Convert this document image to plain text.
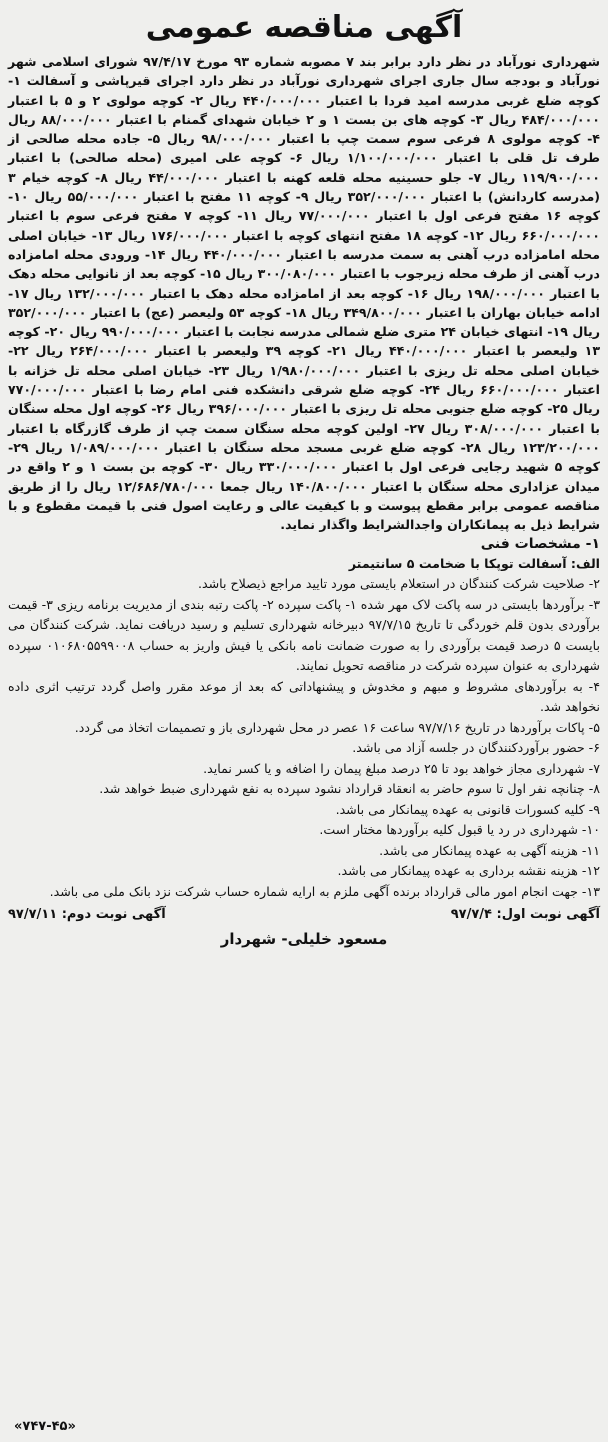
آگهی مناقصه عمومی

شهرداری نورآباد در نظر دارد برابر بند ۷ مصوبه شماره ۹۳ مورخ ۹۷/۴/۱۷ شورای اسلامی شهر نورآباد و بودجه سال جاری اجرای شهرداری نورآباد در نظر دارد اجرای قیرپاشی و آسفالت ۱- کوچه ضلع غربی مدرسه امید فردا با اعتبار ۴۴۰/۰۰۰/۰۰۰ ریال ۲- کوچه مولوی ۲ و ۵ با اعتبار ۴۸۴/۰۰۰/۰۰۰ ریال ۳- کوچه های بن بست ۱ و ۲ خیابان شهدای گمنام با اعتبار ۸۸/۰۰۰/۰۰۰ ریال ۴- کوچه مولوی ۸ فرعی سوم سمت چپ با اعتبار ۹۸/۰۰۰/۰۰۰ ریال ۵- جاده محله صالحی از طرف تل قلی با اعتبار ۱/۱۰۰/۰۰۰/۰۰۰ ریال ۶- کوچه علی امیری (محله صالحی) با اعتبار ۱۱۹/۹۰۰/۰۰۰ ریال ۷- جلو حسینیه محله قلعه کهنه با اعتبار ۴۴/۰۰۰/۰۰۰ ریال ۸- کوچه خیام ۳ (مدرسه کاردانش) با اعتبار ۳۵۲/۰۰۰/۰۰۰ ریال ۹- کوچه ۱۱ مفتح با اعتبار ۵۵/۰۰۰/۰۰۰ ریال ۱۰- کوچه ۱۶ مفتح فرعی اول با اعتبار ۷۷/۰۰۰/۰۰۰ ریال ۱۱- کوچه ۷ مفتح فرعی سوم با اعتبار ۶۶۰/۰۰۰/۰۰۰ ریال ۱۲- کوچه ۱۸ مفتح انتهای کوچه با اعتبار ۱۷۶/۰۰۰/۰۰۰ ریال ۱۳- خیابان اصلی محله امامزاده درب آهنی به سمت مدرسه با اعتبار ۴۴۰/۰۰۰/۰۰۰ ریال ۱۴- ورودی محله امامزاده درب آهنی از طرف محله زیرجوب با اعتبار ۳۰۰/۰۸۰/۰۰۰ ریال ۱۵- کوچه بعد از نانوایی محله دهک با اعتبار ۱۹۸/۰۰۰/۰۰۰ ریال ۱۶- کوچه بعد از امامزاده محله دهک با اعتبار ۱۳۲/۰۰۰/۰۰۰ ریال ۱۷- ادامه خیابان بهاران با اعتبار ۳۴۹/۸۰۰/۰۰۰ ریال ۱۸- کوچه ۵۳ ولیعصر (عج) با اعتبار ۳۵۲/۰۰۰/۰۰۰ ریال ۱۹- انتهای خیابان ۲۴ متری ضلع شمالی مدرسه نجابت با اعتبار ۹۹۰/۰۰۰/۰۰۰ ریال ۲۰- کوچه ۱۳ ولیعصر با اعتبار ۴۴۰/۰۰۰/۰۰۰ ریال ۲۱- کوچه ۳۹ ولیعصر با اعتبار ۲۶۴/۰۰۰/۰۰۰ ریال ۲۲- خیابان اصلی محله تل ریزی با اعتبار ۱/۹۸۰/۰۰۰/۰۰۰ ریال ۲۳- خیابان اصلی محله تل خزانه با اعتبار ۶۶۰/۰۰۰/۰۰۰ ریال ۲۴- کوچه ضلع شرقی دانشکده فنی امام رضا با اعتبار ۷۷۰/۰۰۰/۰۰۰ ریال ۲۵- کوچه ضلع جنوبی محله تل ریزی با اعتبار ۳۹۶/۰۰۰/۰۰۰ ریال ۲۶- کوچه اول محله سنگان با اعتبار ۳۰۸/۰۰۰/۰۰۰ ریال ۲۷- اولین کوچه محله سنگان سمت چپ از طرف گازرگاه با اعتبار ۱۲۳/۲۰۰/۰۰۰ ریال ۲۸- کوچه ضلع غربی مسجد محله سنگان با اعتبار ۱/۰۸۹/۰۰۰/۰۰۰ ریال ۲۹- کوچه ۵ شهید رجایی فرعی اول با اعتبار ۳۳۰/۰۰۰/۰۰۰ ریال ۳۰- کوچه بن بست ۱ و ۲ واقع در میدان عزاداری محله سنگان با اعتبار ۱۴۰/۸۰۰/۰۰۰ ریال جمعا ۱۲/۶۸۶/۷۸۰/۰۰۰ ریال را از طریق مناقصه عمومی برابر مقطع پیوست و با کیفیت عالی و رعایت اصول فنی با قیمت مقطوع و با شرایط ذیل به پیمانکاران واجدالشرایط واگذار نماید.

۱- مشخصات فنی

الف: آسفالت توپکا با ضخامت ۵ سانتیمتر

۲- صلاحیت شرکت کنندگان در استعلام بایستی مورد تایید مراجع ذیصلاح باشد.

۳- برآوردها بایستی در سه پاکت لاک مهر شده ۱- پاکت سپرده ۲- پاکت رتبه بندی از مدیریت برنامه ریزی ۳- قیمت برآوردی بدون قلم خوردگی تا تاریخ ۹۷/۷/۱۵ دبیرخانه شهرداری تسلیم و رسید دریافت نماید. شرکت کنندگان می بایست ۵ درصد قیمت برآوردی را به صورت ضمانت نامه بانکی یا فیش واریز به حساب ۰۱۰۶۸۰۵۵۹۹۰۰۸ سپرده شهرداری به عنوان سپرده شرکت در مناقصه تحویل نمایند.

۴- به برآوردهای مشروط و مبهم و مخدوش و پیشنهاداتی که بعد از موعد مقرر واصل گردد ترتیب اثری داده نخواهد شد.

۵- پاکات برآوردها در تاریخ ۹۷/۷/۱۶ ساعت ۱۶ عصر در محل شهرداری باز و تصمیمات اتخاذ می گردد.

۶- حضور برآوردکنندگان در جلسه آزاد می باشد.

۷- شهرداری مجاز خواهد بود تا ۲۵ درصد مبلغ پیمان را اضافه و یا کسر نماید.

۸- چنانچه نفر اول تا سوم حاضر به انعقاد قرارداد نشود سپرده به نفع شهرداری ضبط خواهد شد.

۹- کلیه کسورات قانونی به عهده پیمانکار می باشد.

۱۰- شهرداری در رد یا قبول کلیه برآوردها مختار است.

۱۱- هزینه آگهی به عهده پیمانکار می باشد.

۱۲- هزینه نقشه برداری به عهده پیمانکار می باشد.

۱۳- جهت انجام امور مالی قرارداد برنده آگهی ملزم به ارایه شماره حساب شرکت نزد بانک ملی می باشد.

آگهی نوبت اول: ۹۷/۷/۴
آگهی نوبت دوم: ۹۷/۷/۱۱
مسعود خلیلی- شهردار
«۷۴۷-۴۵»
